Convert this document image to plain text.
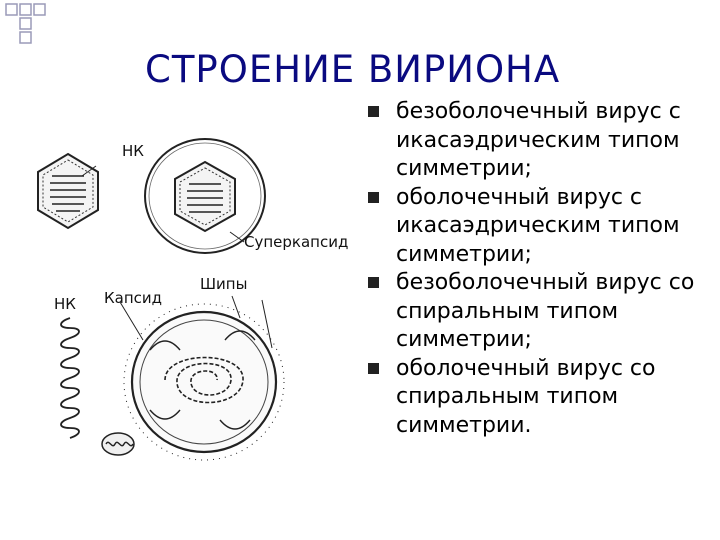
СТРОЕНИЕ ВИРИОНА
НК
Суперкапсид
Шипы
НК Капсид
безоболочечный вирус с икасаэдрическим типом симметрии;
оболочечный вирус с икасаэдрическим типом симметрии;
безоболочечный вирус со спиральным типом симметрии;
оболочечный вирус со спиральным типом симметрии.
